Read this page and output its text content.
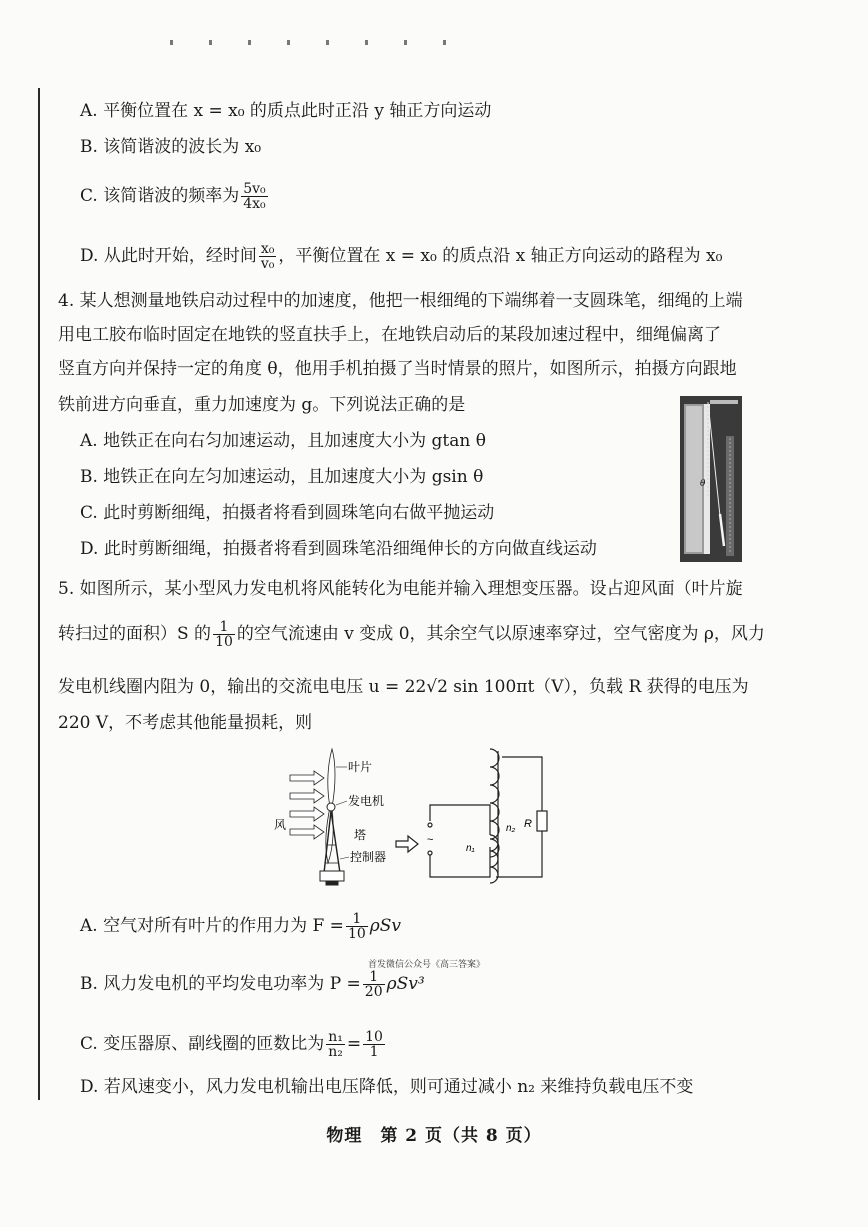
A. 平衡位置在 x = x₀ 的质点此时正沿 y 轴正方向运动
B. 该简谐波的波长为 x₀
C. 该简谐波的频率为 $\frac{\text{5v₀}}{\text{4x₀}}$
D. 从此时开始，经时间 $\frac{\text{x₀}}{\text{v₀}}$ ，平衡位置在 x = x₀ 的质点沿 x 轴正方向运动的路程为 x₀
4. 某人想测量地铁启动过程中的加速度，他把一根细绳的下端绑着一支圆珠笔，细绳的上端
用电工胶布临时固定在地铁的竖直扶手上，在地铁启动后的某段加速过程中，细绳偏离了
竖直方向并保持一定的角度 θ，他用手机拍摄了当时情景的照片，如图所示，拍摄方向跟地
铁前进方向垂直，重力加速度为 g。下列说法正确的是
A. 地铁正在向右匀加速运动，且加速度大小为 gtan θ
B. 地铁正在向左匀加速运动，且加速度大小为 gsin θ
C. 此时剪断细绳，拍摄者将看到圆珠笔向右做平抛运动
D. 此时剪断细绳，拍摄者将看到圆珠笔沿细绳伸长的方向做直线运动
θ
5. 如图所示，某小型风力发电机将风能转化为电能并输入理想变压器。设占迎风面（叶片旋
转扫过的面积）S 的 $\frac{1}{10}$ 的空气流速由 v 变成 0，其余空气以原速率穿过，空气密度为 ρ，风力
发电机线圈内阻为 0，输出的交流电电压 u = 22√2 sin 100πt（V），负载 R 获得的电压为
220 V，不考虑其他能量损耗，则
风
叶片
发电机
塔
控制器
~
n₁
n₂ R
A. 空气对所有叶片的作用力为 $F = \frac{1}{10}$ ρSv
首发微信公众号《高三答案》
B. 风力发电机的平均发电功率为 $P = \frac{1}{20} \rho Sv^3$
C. 变压器原、副线圈的匝数比为 $\frac{\text{n₁}}{\text{n₂}} = \frac{10}{1}$
D. 若风速变小，风力发电机输出电压降低，则可通过减小 n₂ 来维持负载电压不变
物理　第 2 页（共 8 页）
